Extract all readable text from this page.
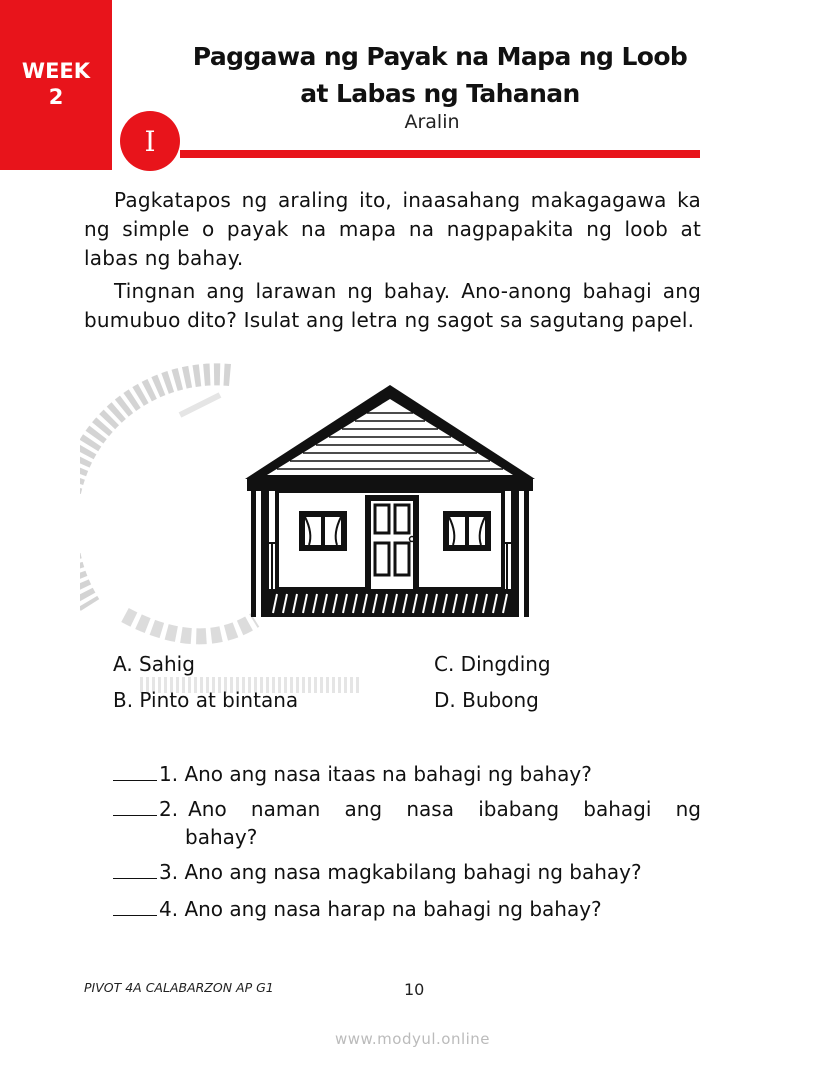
WEEK
2
Paggawa ng Payak na Mapa ng Loob
at Labas ng Tahanan
Aralin
I
Pagkatapos ng araling ito, inaasahang makagagawa ka ng simple o payak na mapa na nagpapakita ng loob at labas ng bahay.
Tingnan ang larawan ng bahay. Ano-anong bahagi ang bumubuo dito? Isulat ang letra ng sagot sa sagutang papel.
A. Sahig
B. Pinto at bintana
C. Dingding
D. Bubong
1. Ano ang nasa itaas na bahagi ng bahay?
2. Ano naman ang nasa ibabang bahagi ng
bahay?
3. Ano ang nasa magkabilang bahagi ng bahay?
4. Ano ang nasa harap na bahagi ng bahay?
PIVOT 4A CALABARZON AP G1	10
www.modyul.online
